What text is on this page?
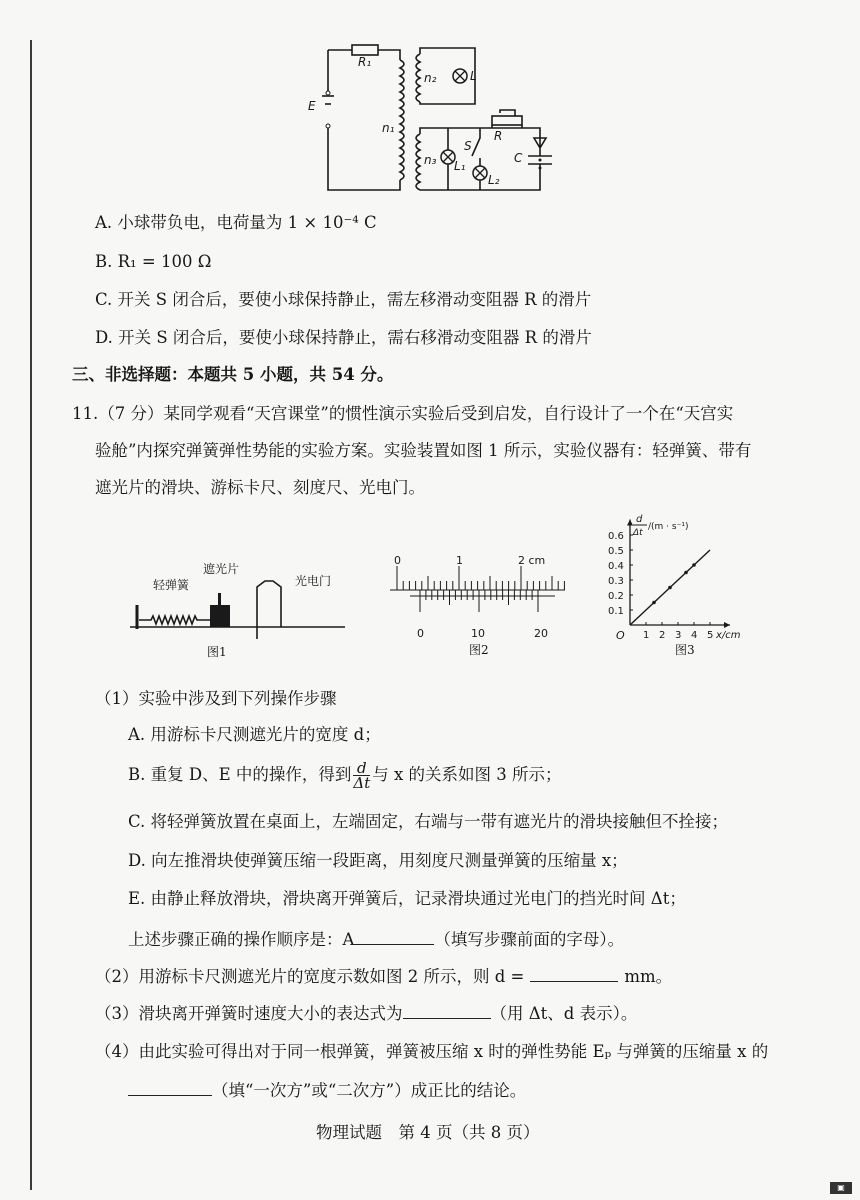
R₁
E
n₁
n₂
n₃
L
R
S
L₁
L₂
C
A. 小球带负电，电荷量为 1 × 10⁻⁴ C
B. R₁ = 100 Ω
C. 开关 S 闭合后，要使小球保持静止，需左移滑动变阻器 R 的滑片
D. 开关 S 闭合后，要使小球保持静止，需右移滑动变阻器 R 的滑片
三、非选择题：本题共 5 小题，共 54 分。
11.（7 分）某同学观看“天宫课堂”的惯性演示实验后受到启发，自行设计了一个在“天宫实
验舱”内探究弹簧弹性势能的实验方案。实验装置如图 1 所示，实验仪器有：轻弹簧、带有
遮光片的滑块、游标卡尺、刻度尺、光电门。
轻弹簧
遮光片
光电门
图1
0	1	2 cm
0	10	20
图2
1 2 3 4 5
0.1
0.2
0.3
0.4
0.5
0.6
O	x/cm
d
Δt
/(m · s⁻¹)
图3
（1）实验中涉及到下列操作步骤
A. 用游标卡尺测遮光片的宽度 d；
B. 重复 D、E 中的操作，得到 $\frac{d}{\Delta t}$ 与 x 的关系如图 3 所示；
C. 将轻弹簧放置在桌面上，左端固定，右端与一带有遮光片的滑块接触但不拴接；
D. 向左推滑块使弹簧压缩一段距离，用刻度尺测量弹簧的压缩量 x；
E. 由静止释放滑块，滑块离开弹簧后，记录滑块通过光电门的挡光时间 Δt；
上述步骤正确的操作顺序是：A	（填写步骤前面的字母）。
（2）用游标卡尺测遮光片的宽度示数如图 2 所示，则 d =	mm。
（3）滑块离开弹簧时速度大小的表达式为	（用 Δt、d 表示）。
（4）由此实验可得出对于同一根弹簧，弹簧被压缩 x 时的弹性势能 Eₚ 与弹簧的压缩量 x 的
（填“一次方”或“二次方”）成正比的结论。
物理试题　第 4 页（共 8 页）
▣
